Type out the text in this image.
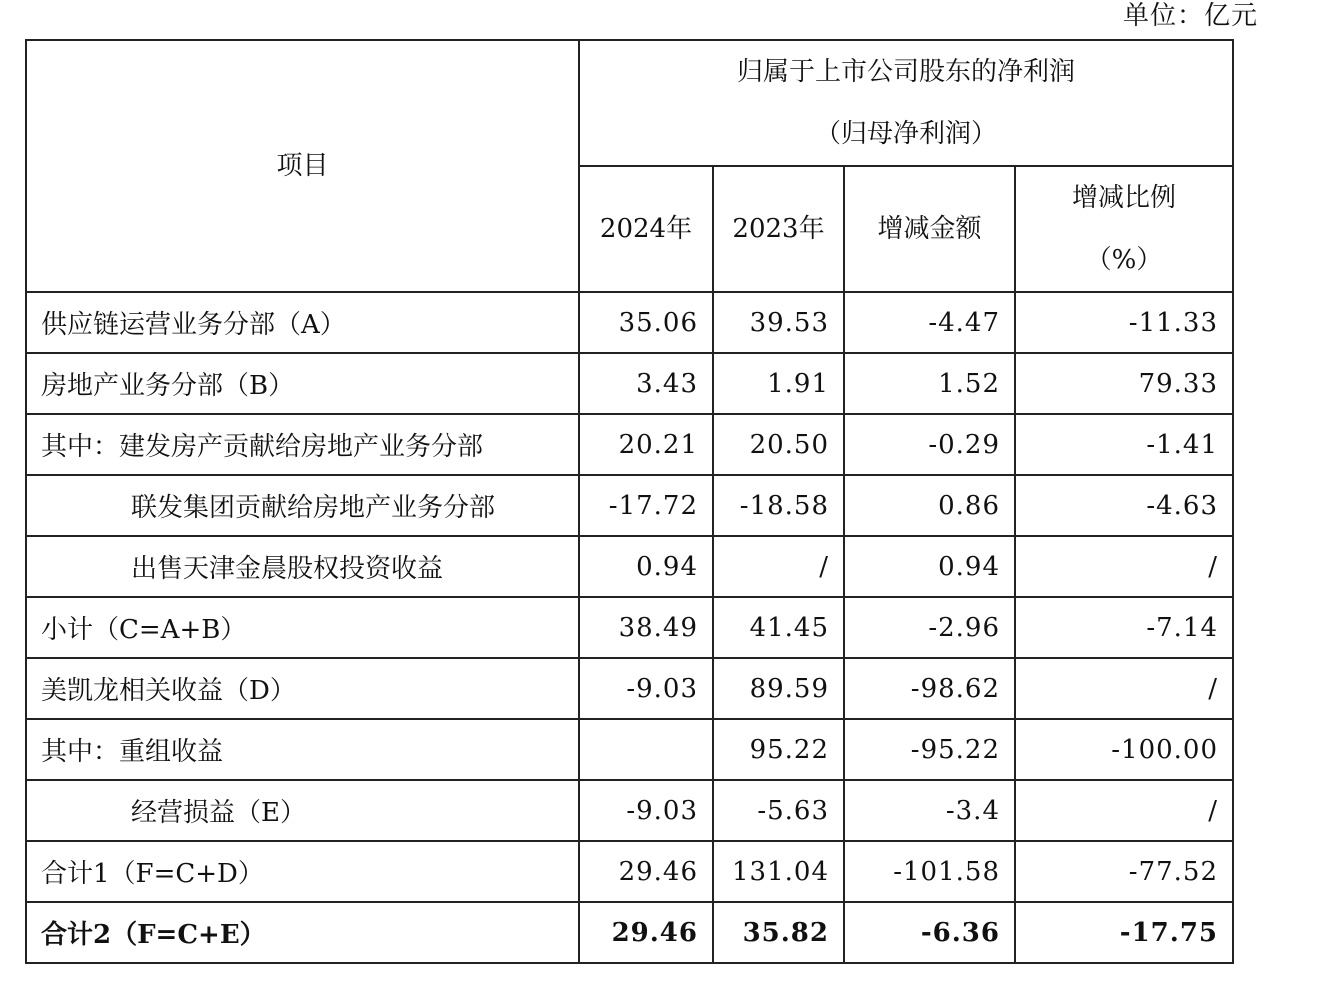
单位：亿元
项目	归属于上市公司股东的净利润
（归母净利润）			

	2024年	2023年	增减金额	增减比例
（%）

供应链运营业务分部（A）	35.06	39.53	-4.47	-11.33
房地产业务分部（B）	3.43	1.91	1.52	79.33
其中：建发房产贡献给房地产业务分部	20.21	20.50	-0.29	-1.41
联发集团贡献给房地产业务分部	-17.72	-18.58	0.86	-4.63
出售天津金晨股权投资收益	0.94	/	0.94	/
小计（C=A+B）	38.49	41.45	-2.96	-7.14
美凯龙相关收益（D）	-9.03	89.59	-98.62	/
其中：重组收益		95.22	-95.22	-100.00
经营损益（E）	-9.03	-5.63	-3.4	/
合计1（F=C+D）	29.46	131.04	-101.58	-77.52
合计2（F=C+E）	29.46	35.82	-6.36	-17.75
